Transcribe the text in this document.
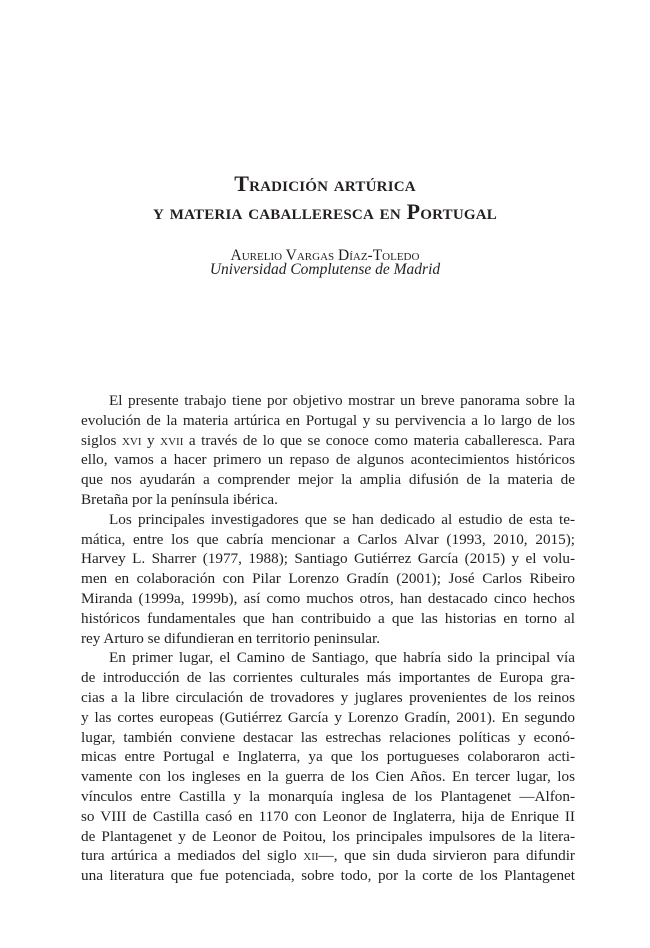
Tradición artúrica
y materia caballeresca en Portugal

Aurelio Vargas Díaz-Toledo

Universidad Complutense de Madrid

El presente trabajo tiene por objetivo mostrar un breve panorama sobre la
evolución de la materia artúrica en Portugal y su pervivencia a lo largo de los
siglos xvi y xvii a través de lo que se conoce como materia caballeresca. Para
ello, vamos a hacer primero un repaso de algunos acontecimientos históricos
que nos ayudarán a comprender mejor la amplia difusión de la materia de
Bretaña por la península ibérica.
Los principales investigadores que se han dedicado al estudio de esta te-
mática, entre los que cabría mencionar a Carlos Alvar (1993, 2010, 2015);
Harvey L. Sharrer (1977, 1988); Santiago Gutiérrez García (2015) y el volu-
men en colaboración con Pilar Lorenzo Gradín (2001); José Carlos Ribeiro
Miranda (1999a, 1999b), así como muchos otros, han destacado cinco hechos
históricos fundamentales que han contribuido a que las historias en torno al
rey Arturo se difundieran en territorio peninsular.
En primer lugar, el Camino de Santiago, que habría sido la principal vía
de introducción de las corrientes culturales más importantes de Europa gra-
cias a la libre circulación de trovadores y juglares provenientes de los reinos
y las cortes europeas (Gutiérrez García y Lorenzo Gradín, 2001). En segundo
lugar, también conviene destacar las estrechas relaciones políticas y econó-
micas entre Portugal e Inglaterra, ya que los portugueses colaboraron acti-
vamente con los ingleses en la guerra de los Cien Años. En tercer lugar, los
vínculos entre Castilla y la monarquía inglesa de los Plantagenet —Alfon-
so VIII de Castilla casó en 1170 con Leonor de Inglaterra, hija de Enrique II
de Plantagenet y de Leonor de Poitou, los principales impulsores de la litera-
tura artúrica a mediados del siglo xii—, que sin duda sirvieron para difundir
una literatura que fue potenciada, sobre todo, por la corte de los Plantagenet
